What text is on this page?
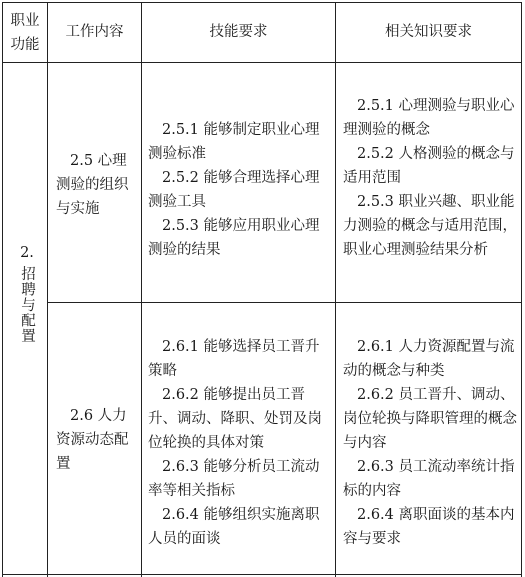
职业功能
工作内容	技能要求	相关知识要求
2.
招聘与配置

2.5 心理测验的组织与实施

2.5.1 能够制定职业心理测验标准

2.5.2 能够合理选择心理测验工具

2.5.3 能够应用职业心理测验的结果

2.5.1 心理测验与职业心理测验的概念

2.5.2 人格测验的概念与适用范围

2.5.3 职业兴趣、职业能力测验的概念与适用范围，职业心理测验结果分析

2.6 人力资源动态配置

2.6.1 能够选择员工晋升策略

2.6.2 能够提出员工晋升、调动、降职、处罚及岗位轮换的具体对策

2.6.3 能够分析员工流动率等相关指标

2.6.4 能够组织实施离职人员的面谈

2.6.1 人力资源配置与流动的概念与种类

2.6.2 员工晋升、调动、岗位轮换与降职管理的概念与内容

2.6.3 员工流动率统计指标的内容

2.6.4 离职面谈的基本内容与要求
